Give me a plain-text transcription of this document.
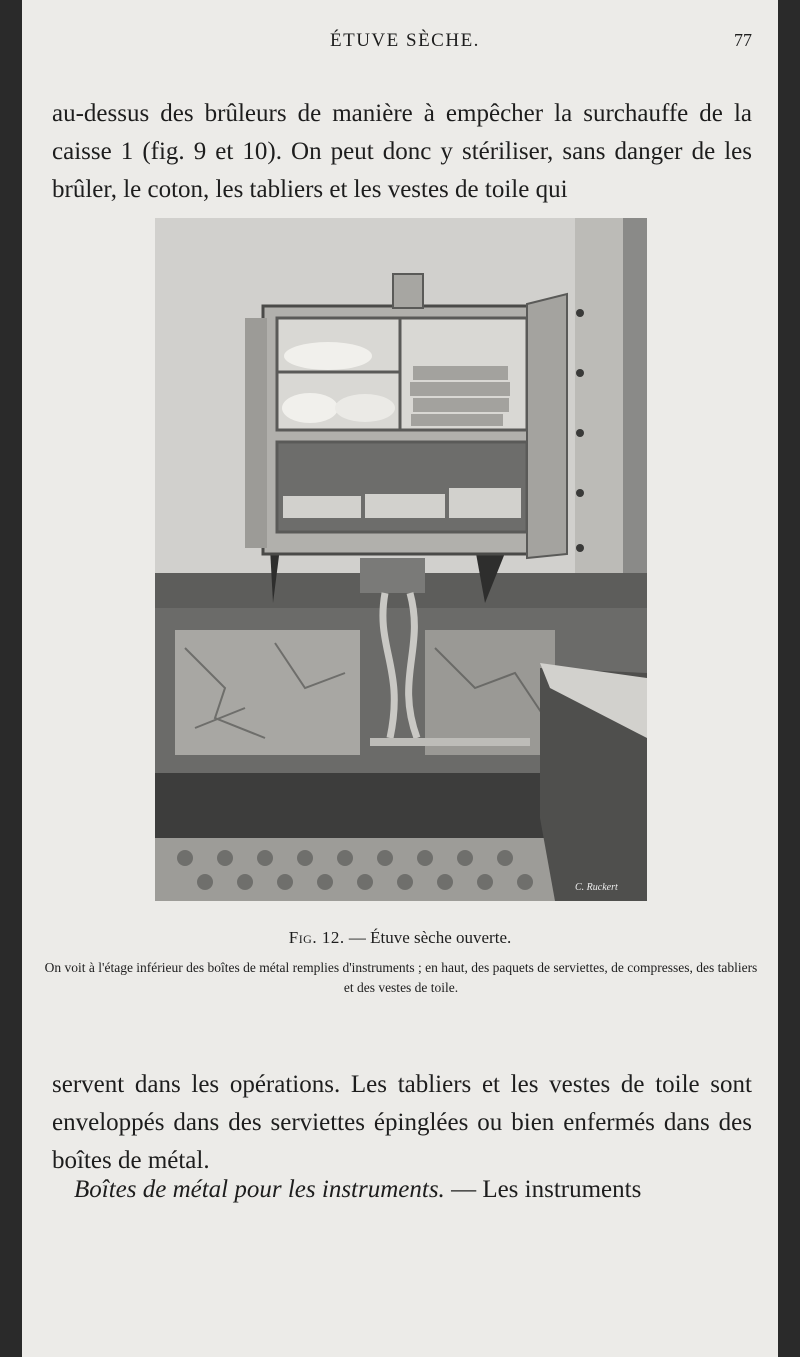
ÉTUVE SÈCHE.	77

au-dessus des brûleurs de manière à empêcher la surchauffe de la caisse 1 (fig. 9 et 10). On peut donc y stériliser, sans danger de les brûler, le coton, les tabliers et les vestes de toile qui

C. Ruckert
Fig. 12. — Étuve sèche ouverte.
On voit à l'étage inférieur des boîtes de métal remplies d'instruments ; en haut, des paquets de serviettes, de compresses, des tabliers et des vestes de toile.

servent dans les opérations. Les tabliers et les vestes de toile sont enveloppés dans des serviettes épinglées ou bien enfermés dans des boîtes de métal.

Boîtes de métal pour les instruments. — Les instruments
